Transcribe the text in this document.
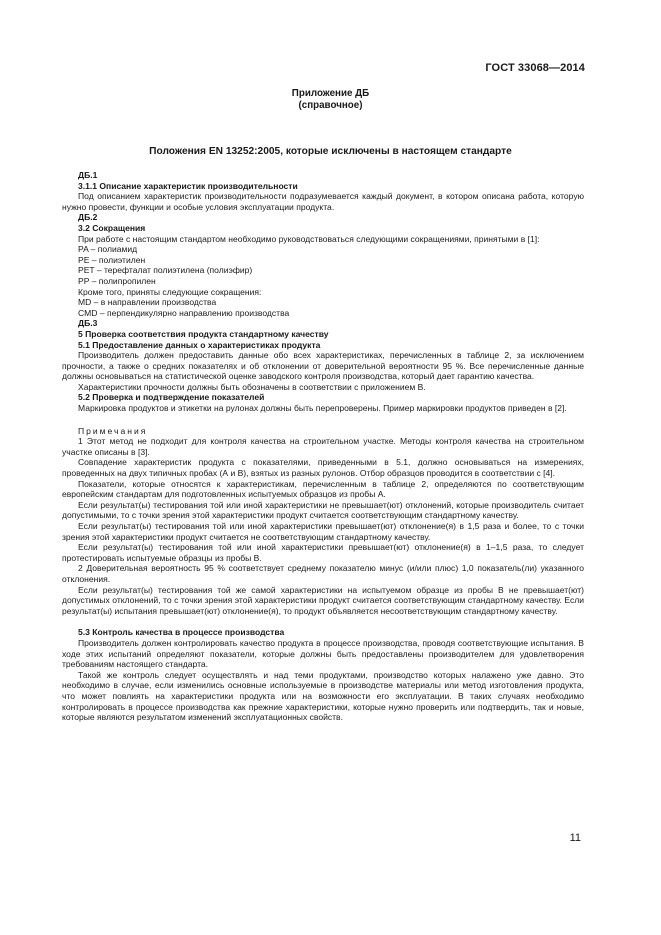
ГОСТ 33068—2014
Приложение ДБ
(справочное)
Положения EN 13252:2005, которые исключены в настоящем стандарте
ДБ.1
3.1.1 Описание характеристик производительности
Под описанием характеристик производительности подразумевается каждый документ, в котором описана работа, которую нужно провести, функции и особые условия эксплуатации продукта.
ДБ.2
3.2 Сокращения
При работе с настоящим стандартом необходимо руководствоваться следующими сокращениями, принятыми в [1]:
PA – полиамид
PE – полиэтилен
PET – терефталат полиэтилена (полиэфир)
PP – полипропилен
Кроме того, приняты следующие сокращения:
MD – в направлении производства
CMD – перпендикулярно направлению производства
ДБ.3
5 Проверка соответствия продукта стандартному качеству
5.1 Предоставление данных о характеристиках продукта
Производитель должен предоставить данные обо всех характеристиках, перечисленных в таблице 2, за исключением прочности, а также о средних показателях и об отклонении от доверительной вероятности 95 %. Все перечисленные данные должны основываться на статистической оценке заводского контроля производства, который дает гарантию качества.
Характеристики прочности должны быть обозначены в соответствии с приложением В.
5.2 Проверка и подтверждение показателей
Маркировка продуктов и этикетки на рулонах должны быть перепроверены. Пример маркировки продуктов приведен в [2].
Примечания
1 Этот метод не подходит для контроля качества на строительном участке. Методы контроля качества на строительном участке описаны в [3].
Совпадение характеристик продукта с показателями, приведенными в 5.1, должно основываться на измерениях, проведенных на двух типичных пробах (А и В), взятых из разных рулонов. Отбор образцов проводится в соответствии с [4].
Показатели, которые относятся к характеристикам, перечисленным в таблице 2, определяются по соответствующим европейским стандартам для подготовленных испытуемых образцов из пробы А.
Если результат(ы) тестирования той или иной характеристики не превышает(ют) отклонений, которые производитель считает допустимыми, то с точки зрения этой характеристики продукт считается соответствующим стандартному качеству.
Если результат(ы) тестирования той или иной характеристики превышает(ют) отклонение(я) в 1,5 раза и более, то с точки зрения этой характеристики продукт считается не соответствующим стандартному качеству.
Если результат(ы) тестирования той или иной характеристики превышает(ют) отклонение(я) в 1–1,5 раза, то следует протестировать испытуемые образцы из пробы В.
2 Доверительная вероятность 95 % соответствует среднему показателю минус (и/или плюс) 1,0 показатель(ли) указанного отклонения.
Если результат(ы) тестирования той же самой характеристики на испытуемом образце из пробы В не превышает(ют) допустимых отклонений, то с точки зрения этой характеристики продукт считается соответствующим стандартному качеству. Если результат(ы) испытания превышает(ют) отклонение(я), то продукт объявляется несоответствующим стандартному качеству.
5.3 Контроль качества в процессе производства
Производитель должен контролировать качество продукта в процессе производства, проводя соответствующие испытания. В ходе этих испытаний определяют показатели, которые должны быть предоставлены производителем для удовлетворения требованиям настоящего стандарта.
Такой же контроль следует осуществлять и над теми продуктами, производство которых налажено уже давно. Это необходимо в случае, если изменились основные используемые в производстве материалы или метод изготовления продукта, что может повлиять на характеристики продукта или на возможности его эксплуатации. В таких случаях необходимо контролировать в процессе производства как прежние характеристики, которые нужно проверить или подтвердить, так и новые, которые являются результатом изменений эксплуатационных свойств.
11
